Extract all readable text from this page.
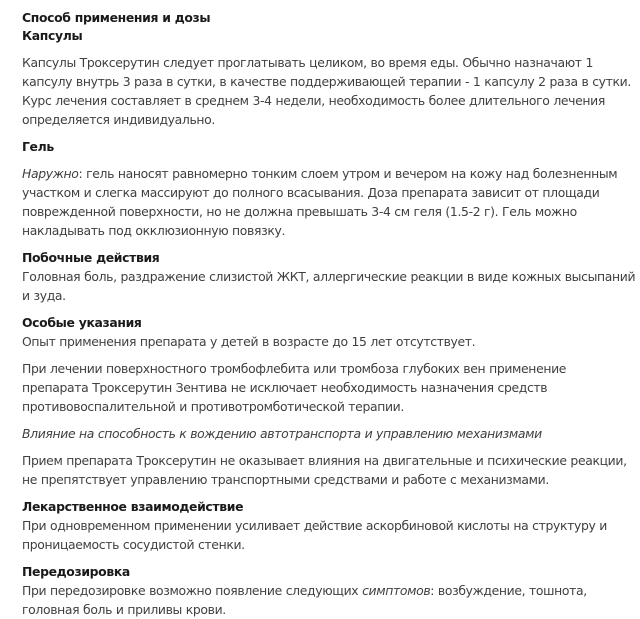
Способ применения и дозы
Капсулы

Капсулы Троксерутин следует проглатывать целиком, во время еды. Обычно назначают 1 капсулу внутрь 3 раза в сутки, в качестве поддерживающей терапии - 1 капсулу 2 раза в сутки. Курс лечения составляет в среднем 3-4 недели, необходимость более длительного лечения определяется индивидуально.

Гель

Наружно: гель наносят равномерно тонким слоем утром и вечером на кожу над болезненным участком и слегка массируют до полного всасывания. Доза препарата зависит от площади поврежденной поверхности, но не должна превышать 3-4 см геля (1.5-2 г). Гель можно накладывать под окклюзионную повязку.

Побочные действия

Головная боль, раздражение слизистой ЖКТ, аллергические реакции в виде кожных высыпаний и зуда.

Особые указания

Опыт применения препарата у детей в возрасте до 15 лет отсутствует.

При лечении поверхностного тромбофлебита или тромбоза глубоких вен применение препарата Троксерутин Зентива не исключает необходимость назначения средств противовоспалительной и противотромботической терапии.

Влияние на способность к вождению автотранспорта и управлению механизмами

Прием препарата Троксерутин не оказывает влияния на двигательные и психические реакции, не препятствует управлению транспортными средствами и работе с механизмами.

Лекарственное взаимодействие

При одновременном применении усиливает действие аскорбиновой кислоты на структуру и проницаемость сосудистой стенки.

Передозировка

При передозировке возможно появление следующих симптомов: возбуждение, тошнота, головная боль и приливы крови.
